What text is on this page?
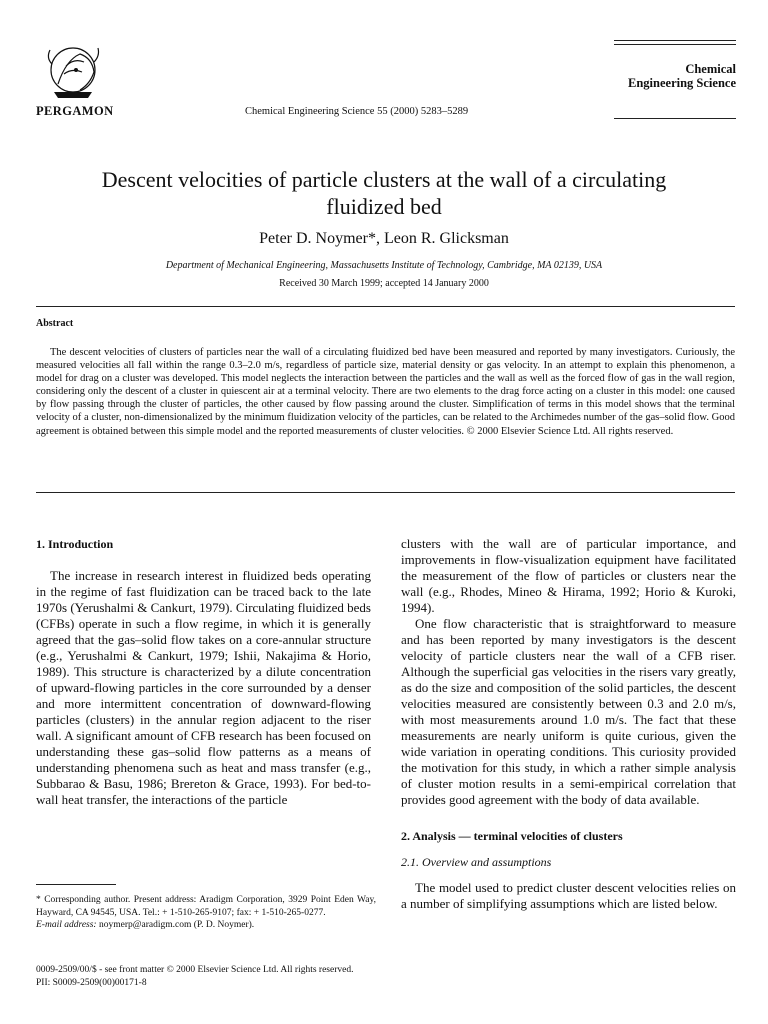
PERGAMON	Chemical Engineering Science 55 (2000) 5283–5289
Chemical
Engineering Science
Descent velocities of particle clusters at the wall of a circulating
fluidized bed
Peter D. Noymer*, Leon R. Glicksman
Department of Mechanical Engineering, Massachusetts Institute of Technology, Cambridge, MA 02139, USA
Received 30 March 1999; accepted 14 January 2000
Abstract

The descent velocities of clusters of particles near the wall of a circulating fluidized bed have been measured and reported by many investigators. Curiously, the measured velocities all fall within the range 0.3–2.0 m/s, regardless of particle size, material density or gas velocity. In an attempt to explain this phenomenon, a model for drag on a cluster was developed. This model neglects the interaction between the particles and the wall as well as the forced flow of gas in the wall region, considering only the descent of a cluster in quiescent air at a terminal velocity. There are two elements to the drag force acting on a cluster in this model: one caused by flow passing through the cluster of particles, the other caused by flow passing around the cluster. Simplification of terms in this model shows that the terminal velocity of a cluster, non-dimensionalized by the minimum fluidization velocity of the particles, can be related to the Archimedes number of the gas–solid flow. Good agreement is obtained between this simple model and the reported measurements of cluster velocities. © 2000 Elsevier Science Ltd. All rights reserved.

1. Introduction

The increase in research interest in fluidized beds operating in the regime of fast fluidization can be traced back to the late 1970s (Yerushalmi & Cankurt, 1979). Circulating fluidized beds (CFBs) operate in such a flow regime, in which it is generally agreed that the gas–solid flow takes on a core-annular structure (e.g., Yerushalmi & Cankurt, 1979; Ishii, Nakajima & Horio, 1989). This structure is characterized by a dilute concentration of upward-flowing particles in the core surrounded by a denser and more intermittent concentration of downward-flowing particles (clusters) in the annular region adjacent to the riser wall. A significant amount of CFB research has been focused on understanding these gas–solid flow patterns as a means of understanding phenomena such as heat and mass transfer (e.g., Subbarao & Basu, 1986; Brereton & Grace, 1993). For bed-to-wall heat transfer, the interactions of the particle

clusters with the wall are of particular importance, and improvements in flow-visualization equipment have facilitated the measurement of the flow of particles or clusters near the wall (e.g., Rhodes, Mineo & Hirama, 1992; Horio & Kuroki, 1994).

One flow characteristic that is straightforward to measure and has been reported by many investigators is the descent velocity of particle clusters near the wall of a CFB riser. Although the superficial gas velocities in the risers vary greatly, as do the size and composition of the solid particles, the descent velocities measured are consistently between 0.3 and 2.0 m/s, with most measurements around 1.0 m/s. The fact that these measurements are nearly uniform is quite curious, given the wide variation in operating conditions. This curiosity provided the motivation for this study, in which a rather simple analysis of cluster motion results in a semi-empirical correlation that provides good agreement with the body of data available.

2. Analysis — terminal velocities of clusters

2.1. Overview and assumptions

The model used to predict cluster descent velocities relies on a number of simplifying assumptions which are listed below.

* Corresponding author. Present address: Aradigm Corporation, 3929 Point Eden Way, Hayward, CA 94545, USA. Tel.: + 1-510-265-9107; fax: + 1-510-265-0277.
E-mail address: noymerp@aradigm.com (P. D. Noymer).

0009-2509/00/$ - see front matter © 2000 Elsevier Science Ltd. All rights reserved.
PII: S0009-2509(00)00171-8
